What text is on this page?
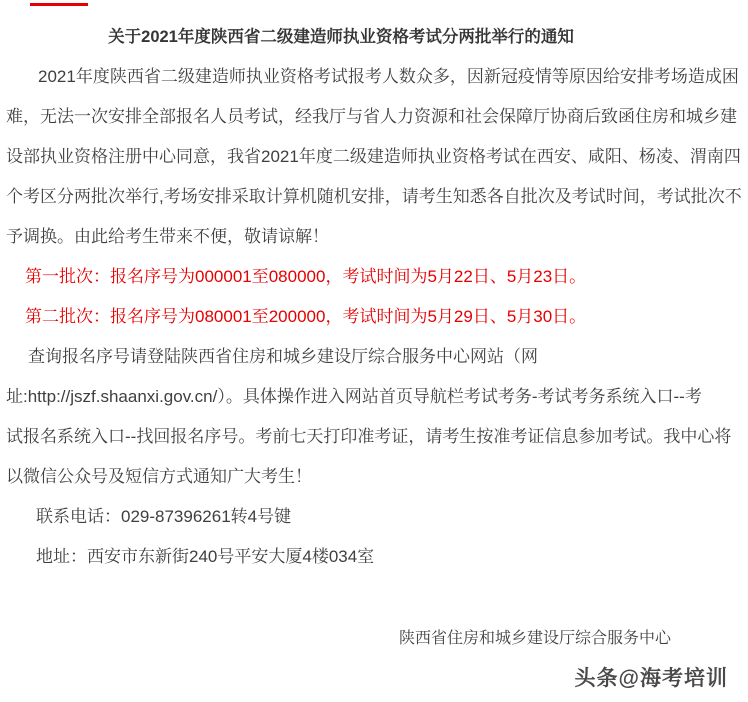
关于2021年度陕西省二级建造师执业资格考试分两批举行的通知
2021年度陕西省二级建造师执业资格考试报考人数众多，因新冠疫情等原因给安排考场造成困
难，无法一次安排全部报名人员考试，经我厅与省人力资源和社会保障厅协商后致函住房和城乡建
设部执业资格注册中心同意，我省2021年度二级建造师执业资格考试在西安、咸阳、杨凌、渭南四
个考区分两批次举行,考场安排采取计算机随机安排，请考生知悉各自批次及考试时间，考试批次不
予调换。由此给考生带来不便，敬请谅解！
第一批次：报名序号为000001至080000，考试时间为5月22日、5月23日。
第二批次：报名序号为080001至200000，考试时间为5月29日、5月30日。
查询报名序号请登陆陕西省住房和城乡建设厅综合服务中心网站（网
址:http://jszf.shaanxi.gov.cn/）。具体操作进入网站首页导航栏考试考务-考试考务系统入口--考
试报名系统入口--找回报名序号。考前七天打印准考证，请考生按准考证信息参加考试。我中心将
以微信公众号及短信方式通知广大考生！
联系电话：029-87396261转4号键
地址：西安市东新街240号平安大厦4楼034室
陕西省住房和城乡建设厅综合服务中心
头条@海考培训
